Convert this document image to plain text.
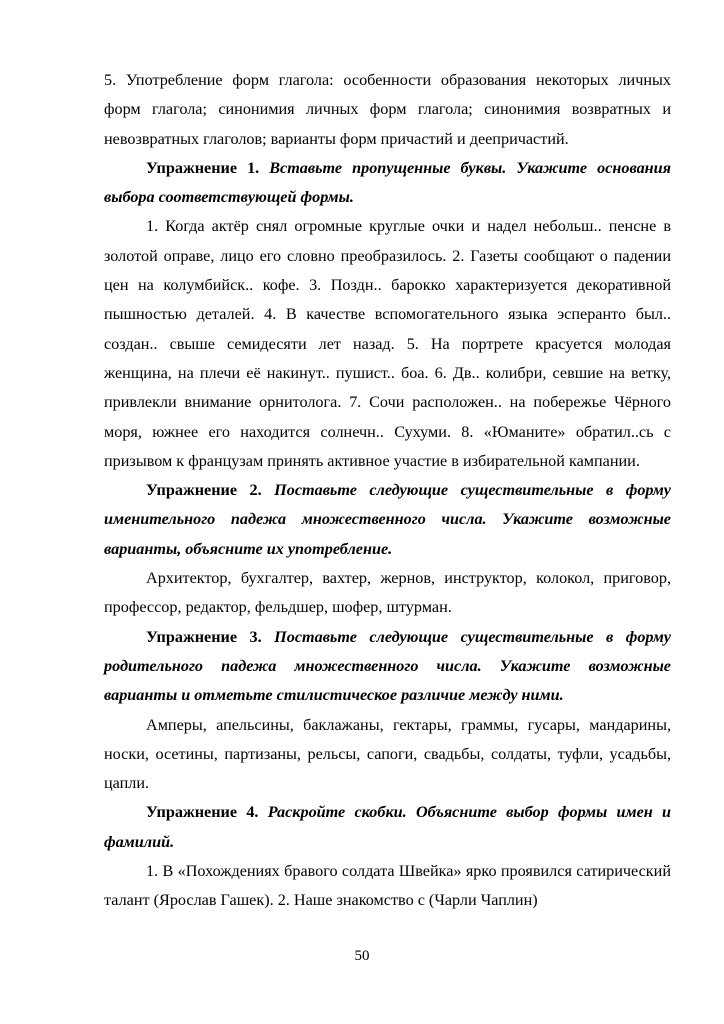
5. Употребление форм глагола: особенности образования некоторых личных форм глагола; синонимия личных форм глагола; синонимия возвратных и невозвратных глаголов; варианты форм причастий и деепричастий.

Упражнение 1. Вставьте пропущенные буквы. Укажите основания выбора соответствующей формы.

1. Когда актёр снял огромные круглые очки и надел небольш.. пенсне в золотой оправе, лицо его словно преобразилось. 2. Газеты сообщают о падении цен на колумбийск.. кофе. 3. Поздн.. барокко характеризуется декоративной пышностью деталей. 4. В качестве вспомогательного языка эсперанто был.. создан.. свыше семидесяти лет назад. 5. На портрете красуется молодая женщина, на плечи её накинут.. пушист.. боа. 6. Дв.. колибри, севшие на ветку, привлекли внимание орнитолога. 7. Сочи расположен.. на побережье Чёрного моря, южнее его находится солнечн.. Сухуми. 8. «Юманите» обратил..сь с призывом к французам принять активное участие в избирательной кампании.

Упражнение 2. Поставьте следующие существительные в форму именительного падежа множественного числа. Укажите возможные варианты, объясните их употребление.

Архитектор, бухгалтер, вахтер, жернов, инструктор, колокол, приговор, профессор, редактор, фельдшер, шофер, штурман.

Упражнение 3. Поставьте следующие существительные в форму родительного падежа множественного числа. Укажите возможные варианты и отметьте стилистическое различие между ними.

Амперы, апельсины, баклажаны, гектары, граммы, гусары, мандарины, носки, осетины, партизаны, рельсы, сапоги, свадьбы, солдаты, туфли, усадьбы, цапли.

Упражнение 4. Раскройте скобки. Объясните выбор формы имен и фамилий.

1. В «Похождениях бравого солдата Швейка» ярко проявился сатирический талант (Ярослав Гашек). 2. Наше знакомство с (Чарли Чаплин)

50
